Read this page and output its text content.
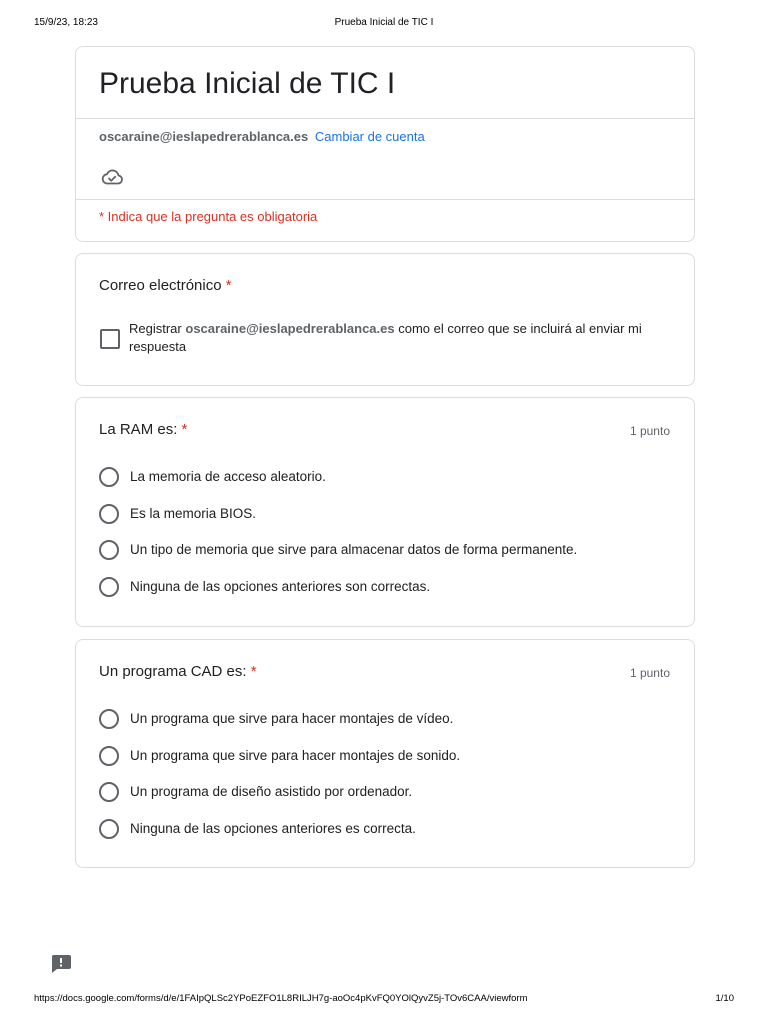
15/9/23, 18:23	Prueba Inicial de TIC I
Prueba Inicial de TIC I
oscaraine@ieslapedrerablanca.es Cambiar de cuenta
* Indica que la pregunta es obligatoria
Correo electrónico *
Registrar oscaraine@ieslapedrerablanca.es como el correo que se incluirá al enviar mi respuesta
La RAM es: *	1 punto
La memoria de acceso aleatorio.
Es la memoria BIOS.
Un tipo de memoria que sirve para almacenar datos de forma permanente.
Ninguna de las opciones anteriores son correctas.
Un programa CAD es: *	1 punto
Un programa que sirve para hacer montajes de vídeo.
Un programa que sirve para hacer montajes de sonido.
Un programa de diseño asistido por ordenador.
Ninguna de las opciones anteriores es correcta.
https://docs.google.com/forms/d/e/1FAIpQLSc2YPoEZFO1L8RILJH7g-aoOc4pKvFQ0YOlQyvZ5j-TOv6CAA/viewform	1/10
